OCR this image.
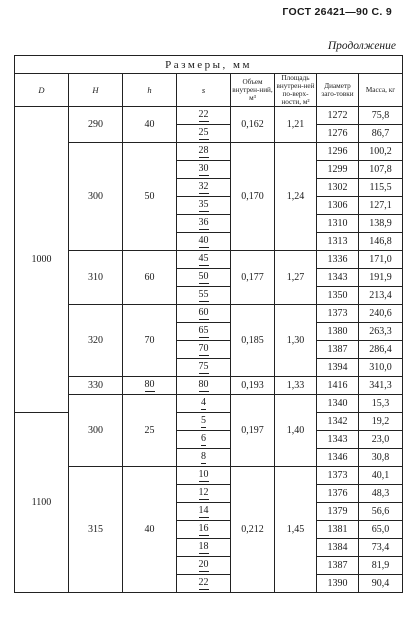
ГОСТ 26421—90 С. 9
Продолжение
Размеры, мм							
D	H	h	s	Объем внутрен-ний, м³	Площадь внутрен-ней по-верх-ности, м²	Диаметр заго-товки	Масса, кг
1000	290	40	22	0,162	1,21	1272	75,8
			25			1276	86,7
	300	50	28	0,170	1,24	1296	100,2
			30			1299	107,8
			32			1302	115,5
			35			1306	127,1
			36			1310	138,9
			40			1313	146,8
	310	60	45	0,177	1,27	1336	171,0
			50			1343	191,9
			55			1350	213,4
	320	70	60	0,185	1,30	1373	240,6
			65			1380	263,3
			70			1387	286,4
			75			1394	310,0
	330	80	80	0,193	1,33	1416	341,3
	300	25	4	0,197	1,40	1340	15,3
1100			5			1342	19,2
			6			1343	23,0
			8			1346	30,8
	315	40	10	0,212	1,45	1373	40,1
			12			1376	48,3
			14			1379	56,6
			16			1381	65,0
			18			1384	73,4
			20			1387	81,9
			22			1390	90,4
